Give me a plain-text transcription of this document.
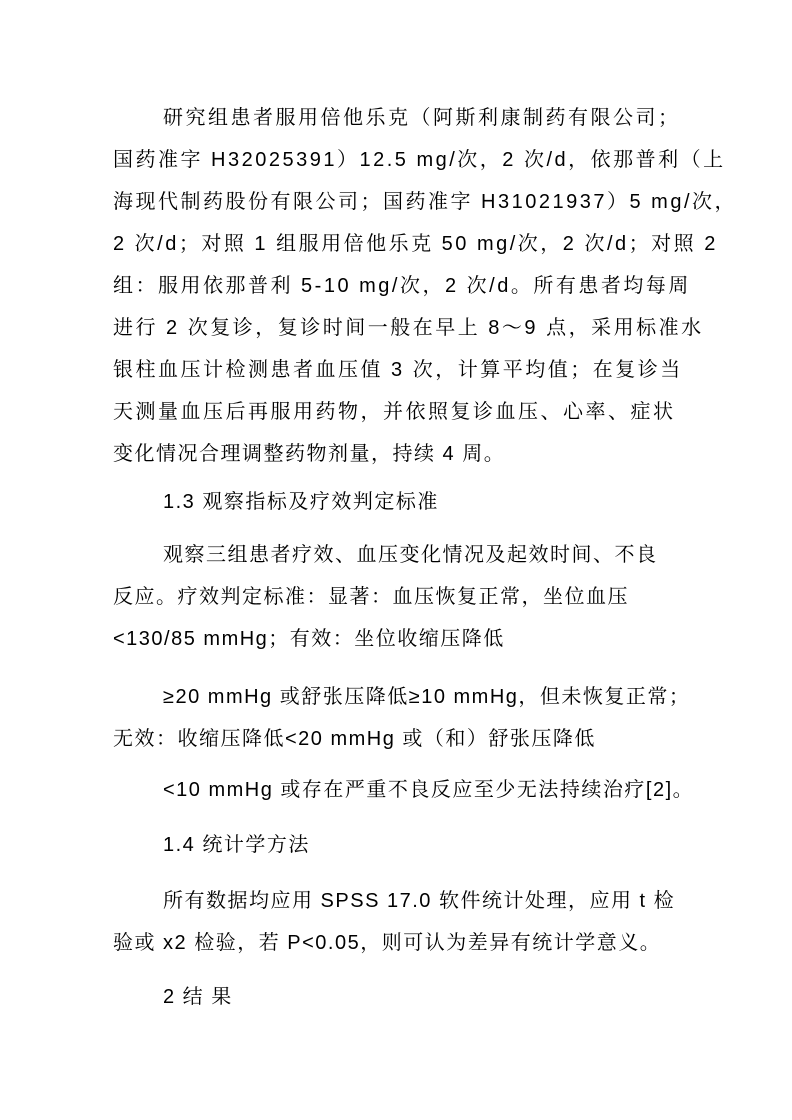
研究组患者服用倍他乐克（阿斯利康制药有限公司；
国药准字 H32025391）12.5 mg/次，2 次/d，依那普利（上
海现代制药股份有限公司；国药准字 H31021937）5 mg/次，
2 次/d；对照 1 组服用倍他乐克 50 mg/次，2 次/d；对照 2
组：服用依那普利 5-10 mg/次，2 次/d。所有患者均每周
进行 2 次复诊，复诊时间一般在早上 8～9 点，采用标准水
银柱血压计检测患者血压值 3 次，计算平均值；在复诊当
天测量血压后再服用药物，并依照复诊血压、心率、症状
变化情况合理调整药物剂量，持续 4 周。
1.3 观察指标及疗效判定标准
观察三组患者疗效、血压变化情况及起效时间、不良
反应。疗效判定标准：显著：血压恢复正常，坐位血压
<130/85 mmHg；有效：坐位收缩压降低
≥20 mmHg 或舒张压降低≥10 mmHg，但未恢复正常；
无效：收缩压降低<20 mmHg 或（和）舒张压降低
<10 mmHg 或存在严重不良反应至少无法持续治疗[2]。
1.4 统计学方法
所有数据均应用 SPSS 17.0 软件统计处理，应用 t 检
验或 x2 检验，若 P<0.05，则可认为差异有统计学意义。
2 结 果
